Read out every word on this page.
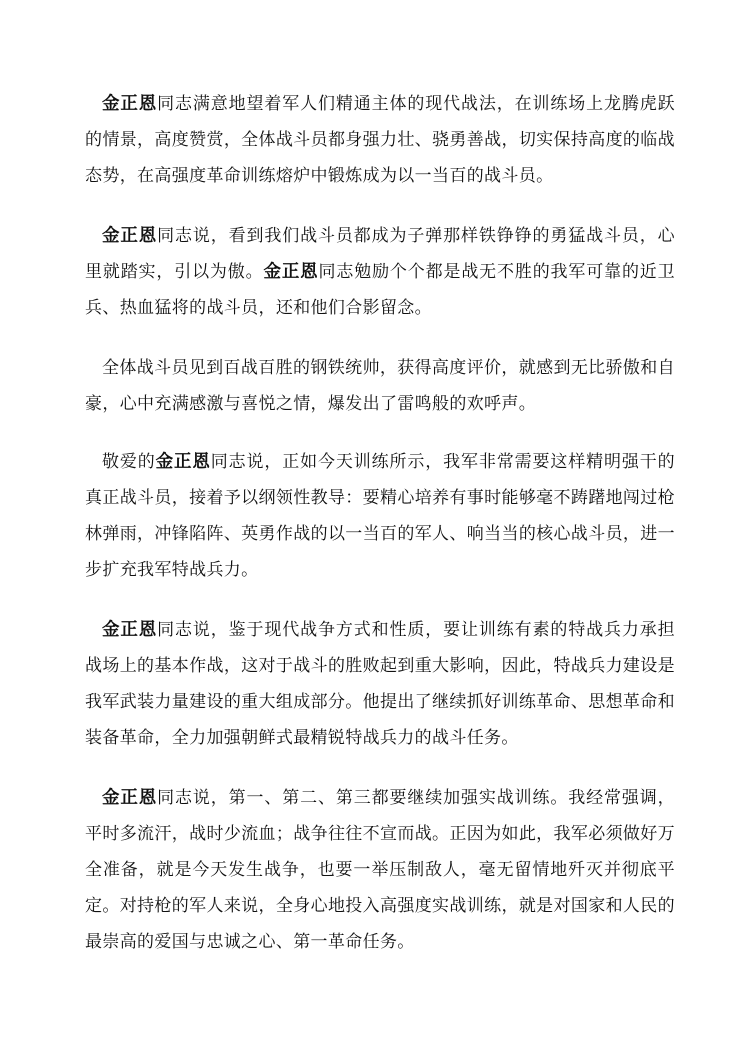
金正恩同志满意地望着军人们精通主体的现代战法，在训练场上龙腾虎跃的情景，高度赞赏，全体战斗员都身强力壮、骁勇善战，切实保持高度的临战态势，在高强度革命训练熔炉中锻炼成为以一当百的战斗员。

金正恩同志说，看到我们战斗员都成为子弹那样铁铮铮的勇猛战斗员，心里就踏实，引以为傲。金正恩同志勉励个个都是战无不胜的我军可靠的近卫兵、热血猛将的战斗员，还和他们合影留念。

全体战斗员见到百战百胜的钢铁统帅，获得高度评价，就感到无比骄傲和自豪，心中充满感激与喜悦之情，爆发出了雷鸣般的欢呼声。

敬爱的金正恩同志说，正如今天训练所示，我军非常需要这样精明强干的真正战斗员，接着予以纲领性教导：要精心培养有事时能够毫不踌躇地闯过枪林弹雨，冲锋陷阵、英勇作战的以一当百的军人、响当当的核心战斗员，进一步扩充我军特战兵力。

金正恩同志说，鉴于现代战争方式和性质，要让训练有素的特战兵力承担战场上的基本作战，这对于战斗的胜败起到重大影响，因此，特战兵力建设是我军武装力量建设的重大组成部分。他提出了继续抓好训练革命、思想革命和装备革命，全力加强朝鲜式最精锐特战兵力的战斗任务。

金正恩同志说，第一、第二、第三都要继续加强实战训练。我经常强调，平时多流汗，战时少流血；战争往往不宣而战。正因为如此，我军必须做好万全准备，就是今天发生战争，也要一举压制敌人，毫无留情地歼灭并彻底平定。对持枪的军人来说，全身心地投入高强度实战训练，就是对国家和人民的最崇高的爱国与忠诚之心、第一革命任务。
